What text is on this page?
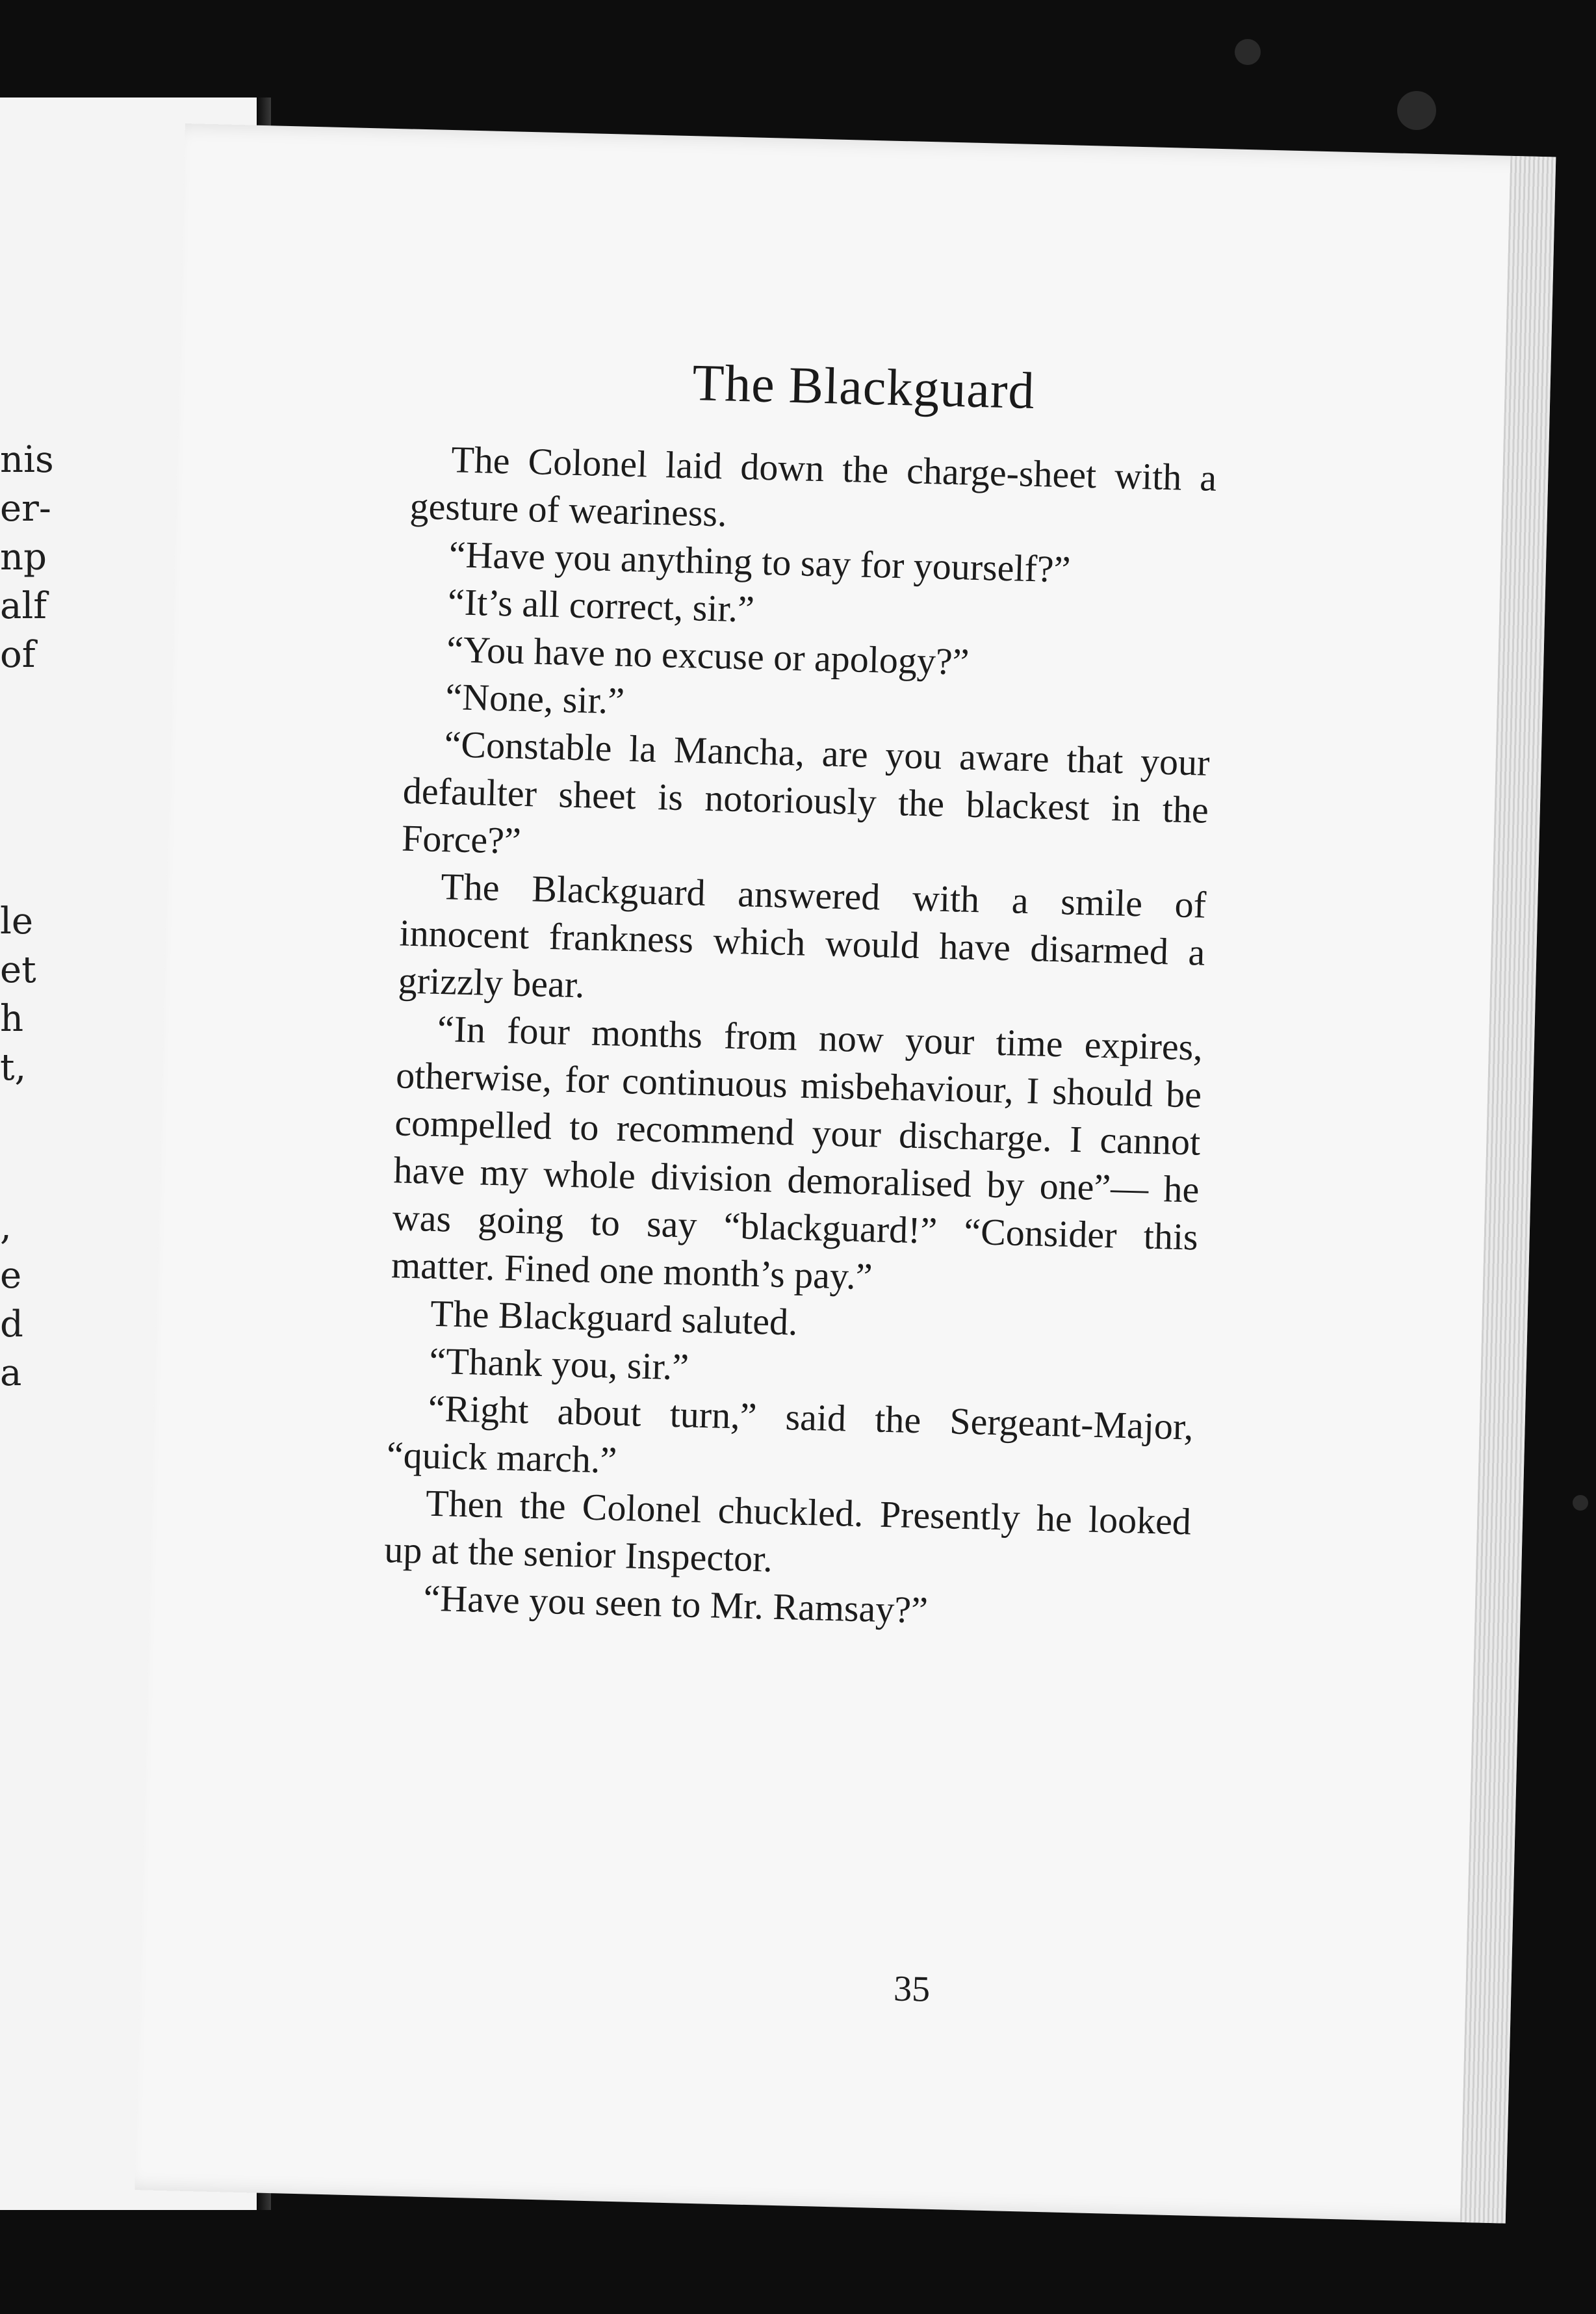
nis
er-
np
alf
of
le
et
h
t,
,
e
d
a
The Blackguard

The Colonel laid down the charge-sheet with a gesture of weariness.

“Have you anything to say for yourself?”

“It’s all correct, sir.”

“You have no excuse or apology?”

“None, sir.”

“Constable la Mancha, are you aware that your defaulter sheet is notoriously the blackest in the Force?”

The Blackguard answered with a smile of innocent frankness which would have disarmed a grizzly bear.

“In four months from now your time expires, otherwise, for continuous misbehaviour, I should be compelled to recommend your discharge. I cannot have my whole division demoralised by one”— he was going to say “blackguard!” “Consider this matter. Fined one month’s pay.”

The Blackguard saluted.

“Thank you, sir.”

“Right about turn,” said the Sergeant-Major, “quick march.”

Then the Colonel chuckled. Presently he looked up at the senior Inspector.

“Have you seen to Mr. Ramsay?”

35
